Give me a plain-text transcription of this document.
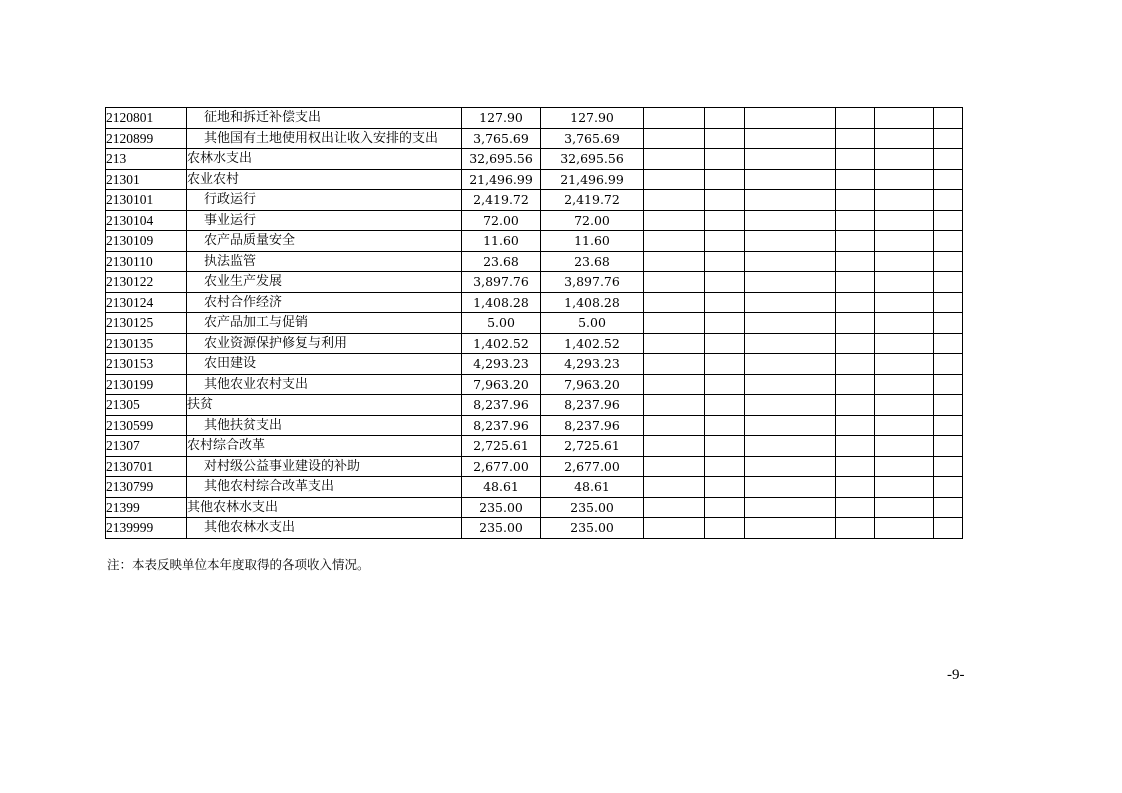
2120801	征地和拆迁补偿支出	127.90	127.90						
2120899	其他国有土地使用权出让收入安排的支出	3,765.69	3,765.69						
213	农林水支出	32,695.56	32,695.56						
21301	农业农村	21,496.99	21,496.99						
2130101	行政运行	2,419.72	2,419.72						
2130104	事业运行	72.00	72.00						
2130109	农产品质量安全	11.60	11.60						
2130110	执法监管	23.68	23.68						
2130122	农业生产发展	3,897.76	3,897.76						
2130124	农村合作经济	1,408.28	1,408.28						
2130125	农产品加工与促销	5.00	5.00						
2130135	农业资源保护修复与利用	1,402.52	1,402.52						
2130153	农田建设	4,293.23	4,293.23						
2130199	其他农业农村支出	7,963.20	7,963.20						
21305	扶贫	8,237.96	8,237.96						
2130599	其他扶贫支出	8,237.96	8,237.96						
21307	农村综合改革	2,725.61	2,725.61						
2130701	对村级公益事业建设的补助	2,677.00	2,677.00						
2130799	其他农村综合改革支出	48.61	48.61						
21399	其他农林水支出	235.00	235.00						
2139999	其他农林水支出	235.00	235.00						
注：本表反映单位本年度取得的各项收入情况。
-9-
